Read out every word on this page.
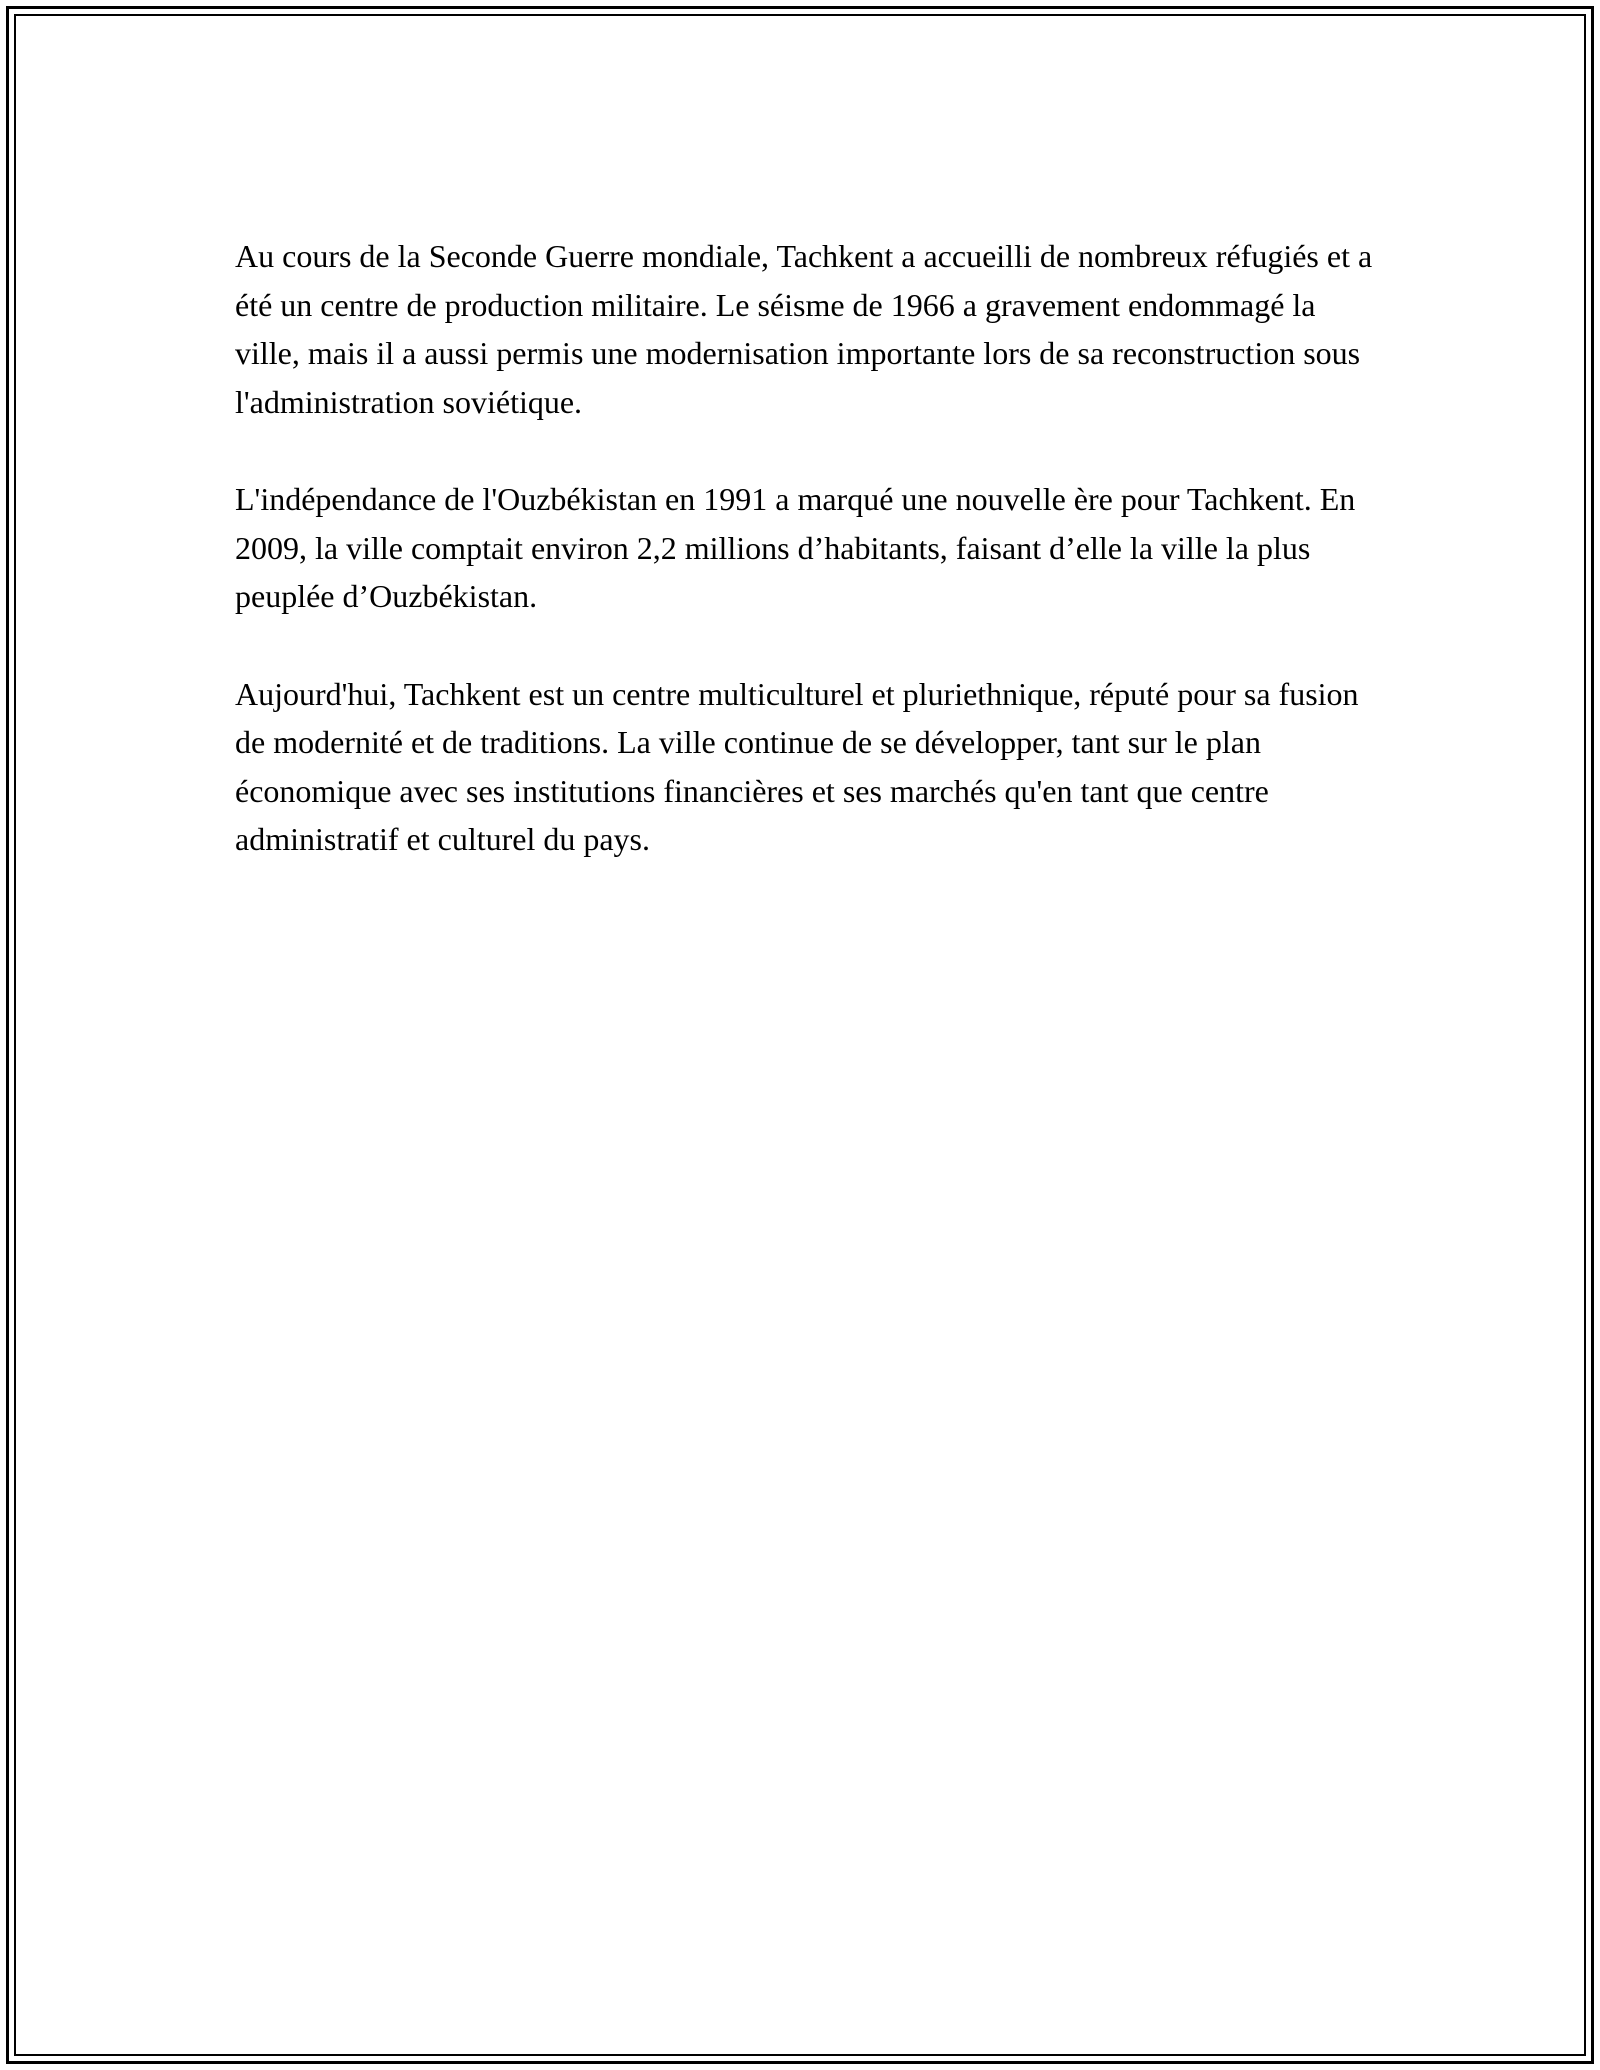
Au cours de la Seconde Guerre mondiale, Tachkent a accueilli de nombreux réfugiés et a été un centre de production militaire. Le séisme de 1966 a gravement endommagé la ville, mais il a aussi permis une modernisation importante lors de sa reconstruction sous l'administration soviétique.

L'indépendance de l'Ouzbékistan en 1991 a marqué une nouvelle ère pour Tachkent. En 2009, la ville comptait environ 2,2 millions d’habitants, faisant d’elle la ville la plus peuplée d’Ouzbékistan.

Aujourd'hui, Tachkent est un centre multiculturel et pluriethnique, réputé pour sa fusion de modernité et de traditions. La ville continue de se développer, tant sur le plan économique avec ses institutions financières et ses marchés qu'en tant que centre administratif et culturel du pays.
